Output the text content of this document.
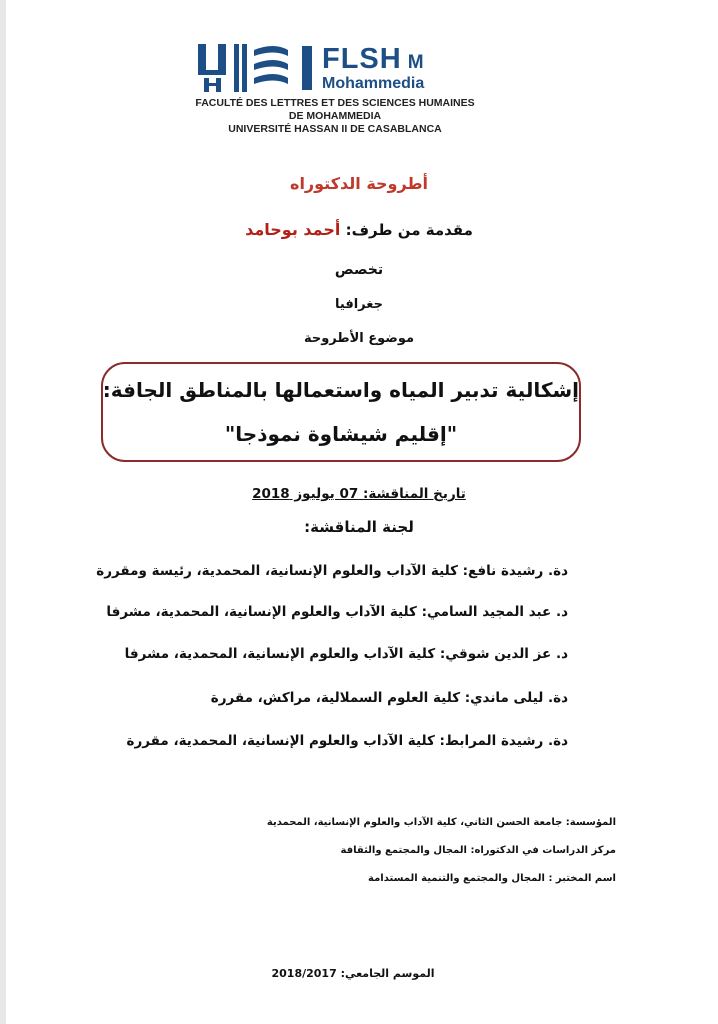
FLSH M
Mohammedia
FACULTÉ DES LETTRES ET DES SCIENCES HUMAINES
DE MOHAMMEDIA
UNIVERSITÉ HASSAN II DE CASABLANCA
أطروحة الدكتوراه
مقدمة من طرف: أحمد بوحامد
تخصص
جغرافيا
موضوع الأطروحة
إشكالية تدبير المياه واستعمالها بالمناطق الجافة:
"إقليم شيشاوة نموذجا"
تاريخ المناقشة: 07 يوليوز 2018
لجنة المناقشة:
دة. رشيدة نافع: كلية الآداب والعلوم الإنسانية، المحمدية، رئيسة ومقررة
د. عبد المجيد السامي: كلية الآداب والعلوم الإنسانية، المحمدية، مشرفا
د. عز الدين شوقي: كلية الآداب والعلوم الإنسانية، المحمدية، مشرفا
دة. ليلى ماندي: كلية العلوم السملالية، مراكش، مقررة
دة. رشيدة المرابط: كلية الآداب والعلوم الإنسانية، المحمدية، مقررة
المؤسسة: جامعة الحسن الثاني، كلية الآداب والعلوم الإنسانية، المحمدية
مركز الدراسات في الدكتوراه: المجال والمجتمع والثقافة
اسم المختبر : المجال والمجتمع والتنمية المستدامة
الموسم الجامعي: 2018/2017
